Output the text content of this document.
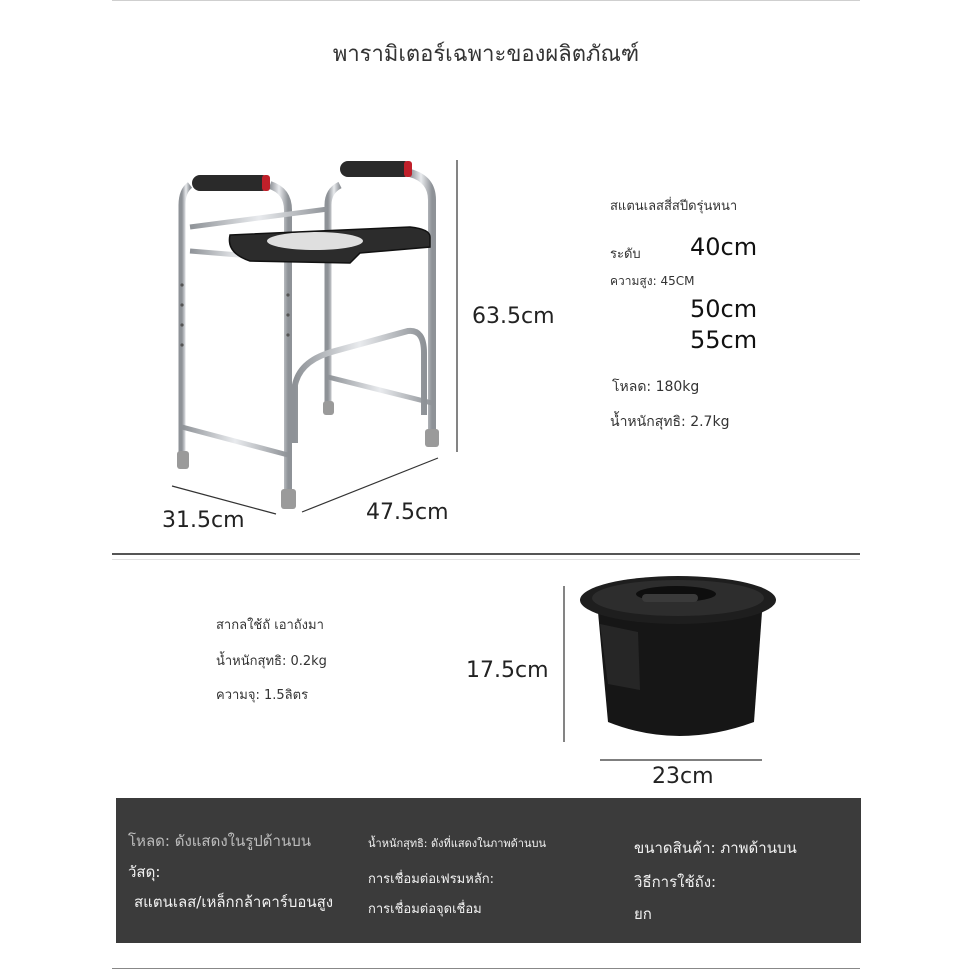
พารามิเตอร์เฉพาะของผลิตภัณฑ์
63.5cm
31.5cm	47.5cm
สแตนเลสสี่สปีดรุ่นหนา
ระดับ 40cm
ความสูง: 45CM
50cm
55cm
โหลด: 180kg
น้ำหนักสุทธิ: 2.7kg
สากลใช้ถั เอาถังมา
น้ำหนักสุทธิ: 0.2kg
ความจุ: 1.5ลิตร
17.5cm
23cm
โหลด: ดังแสดงในรูปด้านบน
วัสดุ:
สแตนเลส/เหล็กกล้าคาร์บอนสูง
น้ำหนักสุทธิ: ดังที่แสดงในภาพด้านบน
การเชื่อมต่อเฟรมหลัก:
การเชื่อมต่อจุดเชื่อม
ขนาดสินค้า: ภาพด้านบน
วิธีการใช้ถัง:
ยก
